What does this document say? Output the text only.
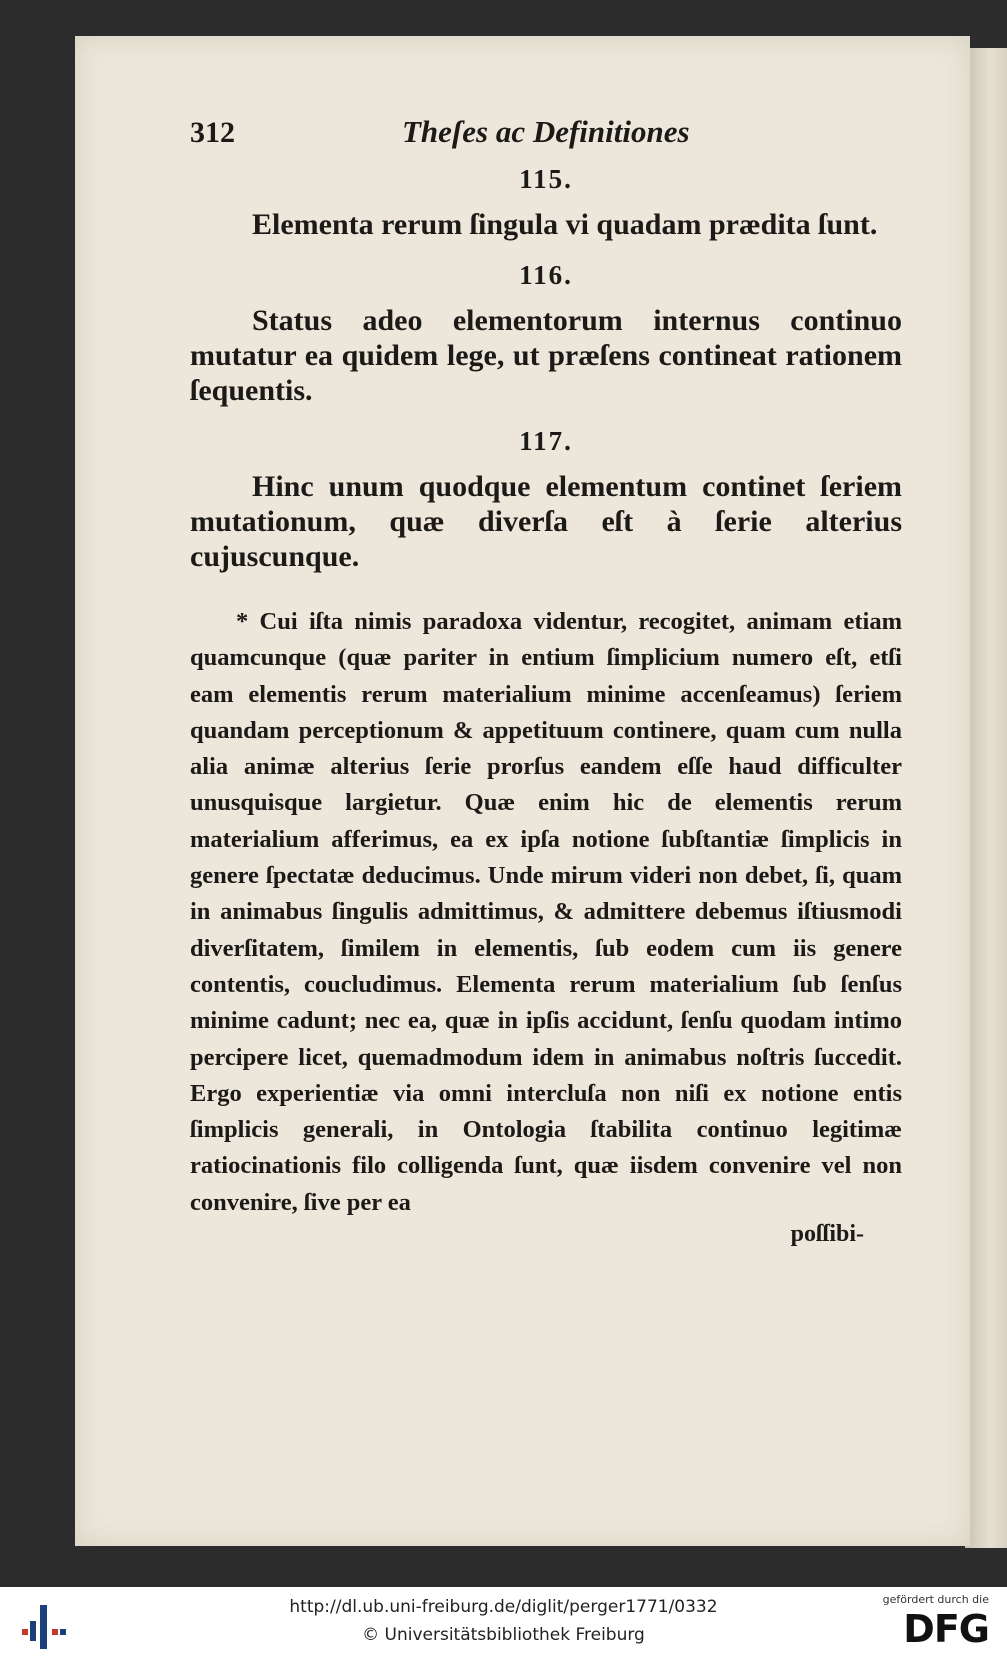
312	Theſes ac Definitiones
115.

Elementa rerum ſingula vi quadam prædita ſunt.

116.

Status adeo elementorum internus continuo mutatur ea quidem lege, ut præſens contineat rationem ſequentis.

117.

Hinc unum quodque elementum continet ſeriem mutationum, quæ diverſa eſt à ſerie alterius cujuscunque.

* Cui iſta nimis paradoxa videntur, recogitet, animam etiam quamcunque (quæ pariter in entium ſimplicium numero eſt, etſi eam elementis rerum materialium minime accenſeamus) ſeriem quandam perceptionum & appetituum continere, quam cum nulla alia animæ alterius ſerie prorſus eandem eſſe haud difficulter unusquisque largietur. Quæ enim hic de elementis rerum materialium afferimus, ea ex ipſa notione ſubſtantiæ ſimplicis in genere ſpectatæ deducimus. Unde mirum videri non debet, ſi, quam in animabus ſingulis admittimus, & admittere debemus iſtiusmodi diverſitatem, ſimilem in elementis, ſub eodem cum iis genere contentis, coucludimus. Elementa rerum materialium ſub ſenſus minime cadunt; nec ea, quæ in ipſis accidunt, ſenſu quodam intimo percipere licet, quemadmodum idem in animabus noſtris ſuccedit. Ergo experientiæ via omni intercluſa non niſi ex notione entis ſimplicis generali, in Ontologia ſtabilita continuo legitimæ ratiocinationis filo colligenda ſunt, quæ iisdem convenire vel non convenire, ſive per ea

poſſibi-
http://dl.ub.uni-freiburg.de/diglit/perger1771/0332
© Universitätsbibliothek Freiburg
gefördert durch die
DFG
